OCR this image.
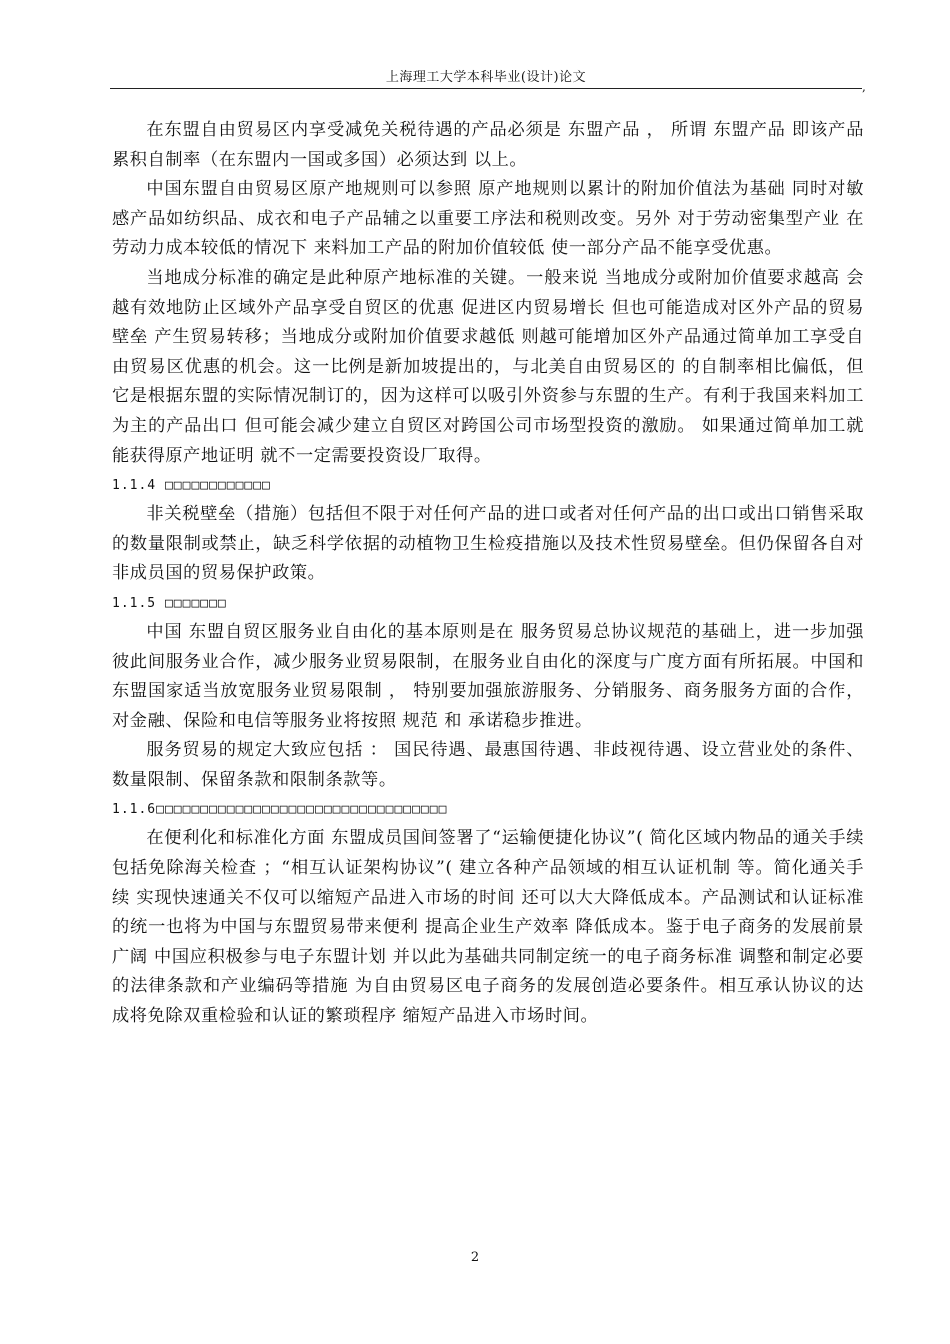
上海理工大学本科毕业(设计)论文
,

在东盟自由贸易区内享受减免关税待遇的产品必须是 东盟产品 ， 所谓 东盟产品 即该产品累积自制率（在东盟内一国或多国）必须达到 以上。

中国东盟自由贸易区原产地规则可以参照 原产地规则以累计的附加价值法为基础 同时对敏感产品如纺织品、成衣和电子产品辅之以重要工序法和税则改变。另外 对于劳动密集型产业 在劳动力成本较低的情况下 来料加工产品的附加价值较低 使一部分产品不能享受优惠。

当地成分标准的确定是此种原产地标准的关键。一般来说 当地成分或附加价值要求越高 会越有效地防止区域外产品享受自贸区的优惠 促进区内贸易增长 但也可能造成对区外产品的贸易壁垒 产生贸易转移；当地成分或附加价值要求越低 则越可能增加区外产品通过简单加工享受自由贸易区优惠的机会。这一比例是新加坡提出的，与北美自由贸易区的 的自制率相比偏低，但它是根据东盟的实际情况制订的，因为这样可以吸引外资参与东盟的生产。有利于我国来料加工为主的产品出口 但可能会减少建立自贸区对跨国公司市场型投资的激励。 如果通过简单加工就能获得原产地证明 就不一定需要投资设厂取得。

1.1.4 □□□□□□□□□□□□

非关税壁垒（措施）包括但不限于对任何产品的进口或者对任何产品的出口或出口销售采取的数量限制或禁止，缺乏科学依据的动植物卫生检疫措施以及技术性贸易壁垒。但仍保留各自对非成员国的贸易保护政策。

1.1.5 □□□□□□□

中国 东盟自贸区服务业自由化的基本原则是在 服务贸易总协议规范的基础上，进一步加强彼此间服务业合作，减少服务业贸易限制，在服务业自由化的深度与广度方面有所拓展。中国和东盟国家适当放宽服务业贸易限制 ， 特别要加强旅游服务、分销服务、商务服务方面的合作，对金融、保险和电信等服务业将按照 规范 和 承诺稳步推进。

服务贸易的规定大致应包括 ： 国民待遇、最惠国待遇、非歧视待遇、设立营业处的条件、数量限制、保留条款和限制条款等。

1.1.6□□□□□□□□□□□□□□□□□□□□□□□□□□□□□□□□□

在便利化和标准化方面 东盟成员国间签署了“运输便捷化协议”( 简化区域内物品的通关手续 包括免除海关检查 ；“相互认证架构协议”( 建立各种产品领域的相互认证机制 等。简化通关手续 实现快速通关不仅可以缩短产品进入市场的时间 还可以大大降低成本。产品测试和认证标准的统一也将为中国与东盟贸易带来便利 提高企业生产效率 降低成本。鉴于电子商务的发展前景广阔 中国应积极参与电子东盟计划 并以此为基础共同制定统一的电子商务标准 调整和制定必要的法律条款和产业编码等措施 为自由贸易区电子商务的发展创造必要条件。相互承认协议的达成将免除双重检验和认证的繁琐程序 缩短产品进入市场时间。

2
